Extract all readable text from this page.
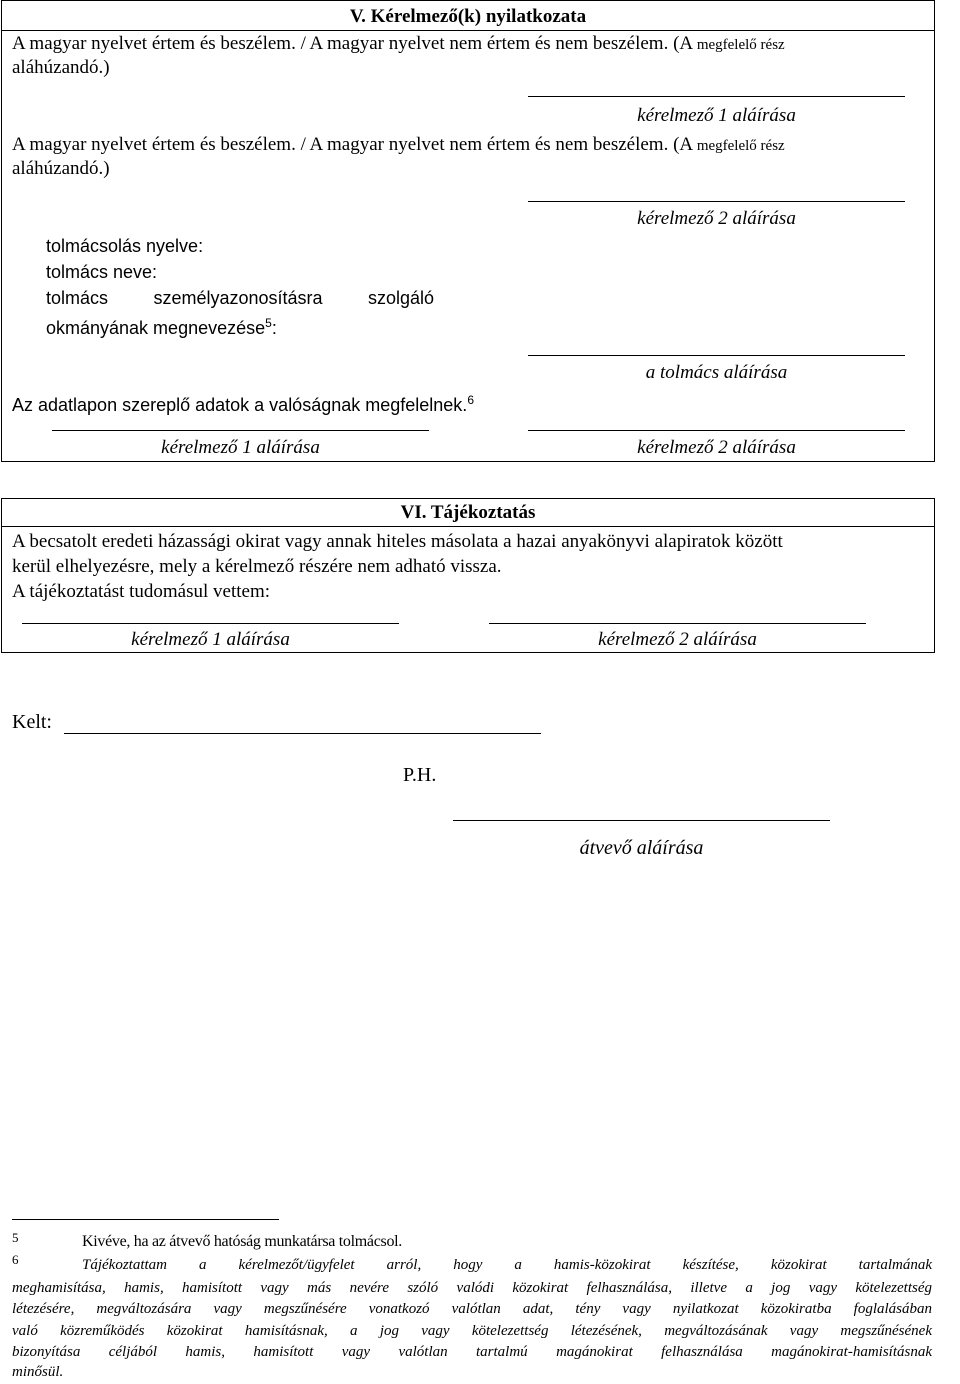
V. Kérelmező(k) nyilatkozata
A magyar nyelvet értem és beszélem. / A magyar nyelvet nem értem és nem beszélem. (A megfelelő rész
aláhúzandó.)
kérelmező 1 aláírása
A magyar nyelvet értem és beszélem. / A magyar nyelvet nem értem és nem beszélem. (A megfelelő rész
aláhúzandó.)
kérelmező 2 aláírása
tolmácsolás nyelve:
tolmács neve:
tolmács	személyazonosításra	szolgáló
okmányának megnevezése$^5$:
a tolmács aláírása
Az adatlapon szereplő adatok a valóságnak megfelelnek.$^6$
kérelmező 1 aláírása	kérelmező 2 aláírása
VI. Tájékoztatás
A becsatolt eredeti házassági okirat vagy annak hiteles másolata a hazai anyakönyvi alapiratok között
kerül elhelyezésre, mely a kérelmező részére nem adható vissza.
A tájékoztatást tudomásul vettem:
kérelmező 1 aláírása	kérelmező 2 aláírása
Kelt:
P.H.
átvevő aláírása
5	Kivéve, ha az átvevő hatóság munkatársa tolmácsol.
6	Tájékoztattam a kérelmezőt/ügyfelet arról, hogy a hamis-közokirat készítése, közokirat tartalmának
meghamisítása, hamis, hamisított vagy más nevére szóló valódi közokirat felhasználása, illetve a jog vagy kötelezettség
létezésére, megváltozására vagy megszűnésére vonatkozó valótlan adat, tény vagy nyilatkozat közokiratba foglalásában
való közreműködés közokirat hamisításnak, a jog vagy kötelezettség létezésének, megváltozásának vagy megszűnésének
bizonyítása céljából hamis, hamisított vagy valótlan tartalmú magánokirat felhasználása magánokirat-hamisításnak
minősül.
